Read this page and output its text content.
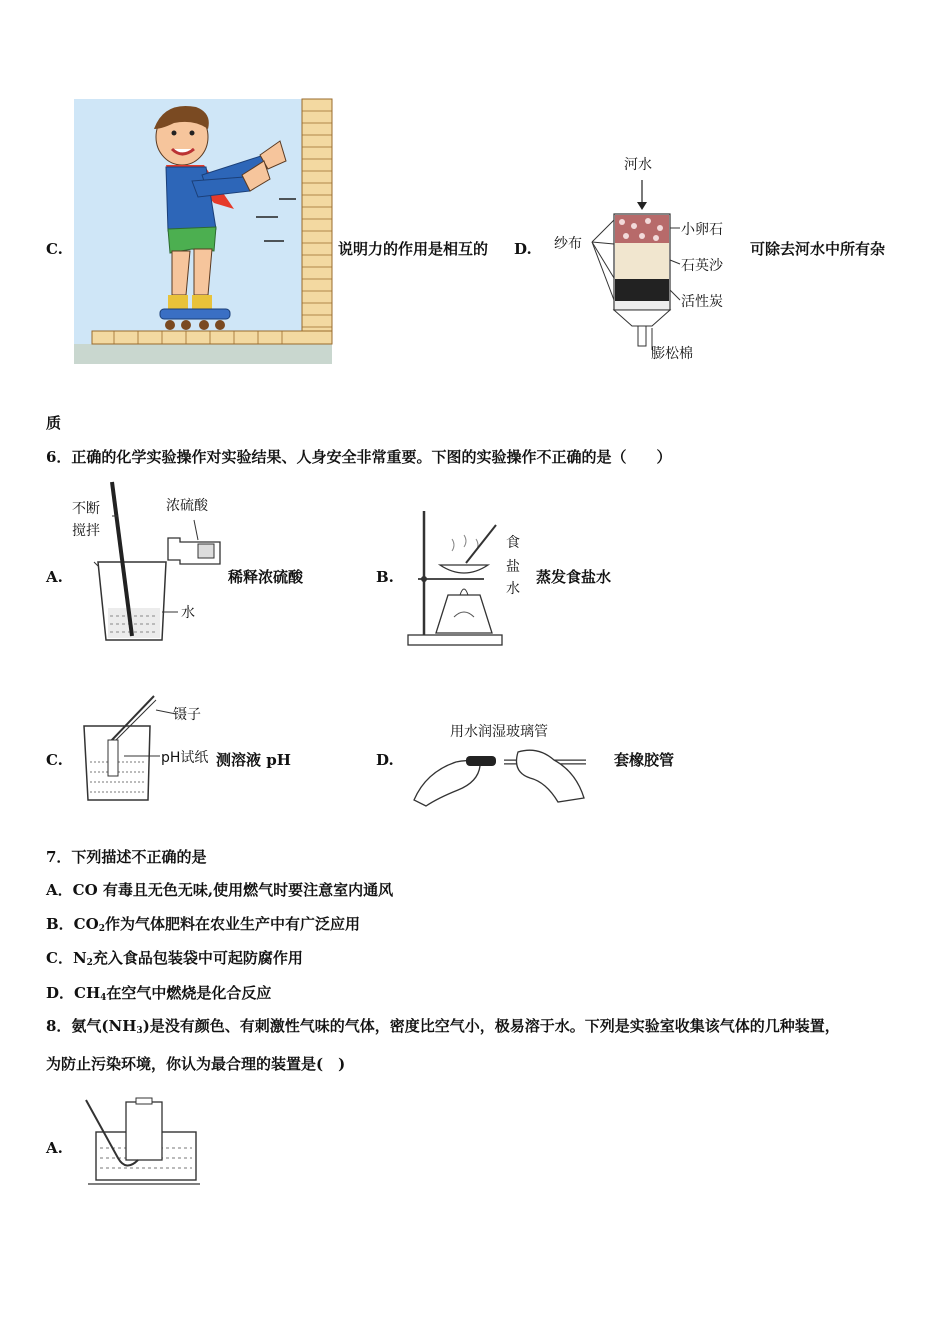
C.	说明力的作用是相互的 D.
河水
纱布
小卵石
石英沙
活性炭
膨松棉
可除去河水中所有杂
质
6．正确的化学实验操作对实验结果、人身安全非常重要。下图的实验操作不正确的是（　　）
A.
不断
搅拌
浓硫酸
水
稀释浓硫酸	B.
食
盐
水
蒸发食盐水
C.
镊子
pH试纸 测溶液 pH	D.
用水润湿玻璃管
套橡胶管
7．下列描述不正确的是
A．CO 有毒且无色无味,使用燃气时要注意室内通风
B．$CO_2$作为气体肥料在农业生产中有广泛应用
C．$N_2$充入食品包装袋中可起防腐作用
D．$CH_4$在空气中燃烧是化合反应
8．氨气$(NH_3)$是没有颜色、有刺激性气味的气体，密度比空气小，极易溶于水。下列是实验室收集该气体的几种装置，
为防止污染环境，你认为最合理的装置是(　)
A.
